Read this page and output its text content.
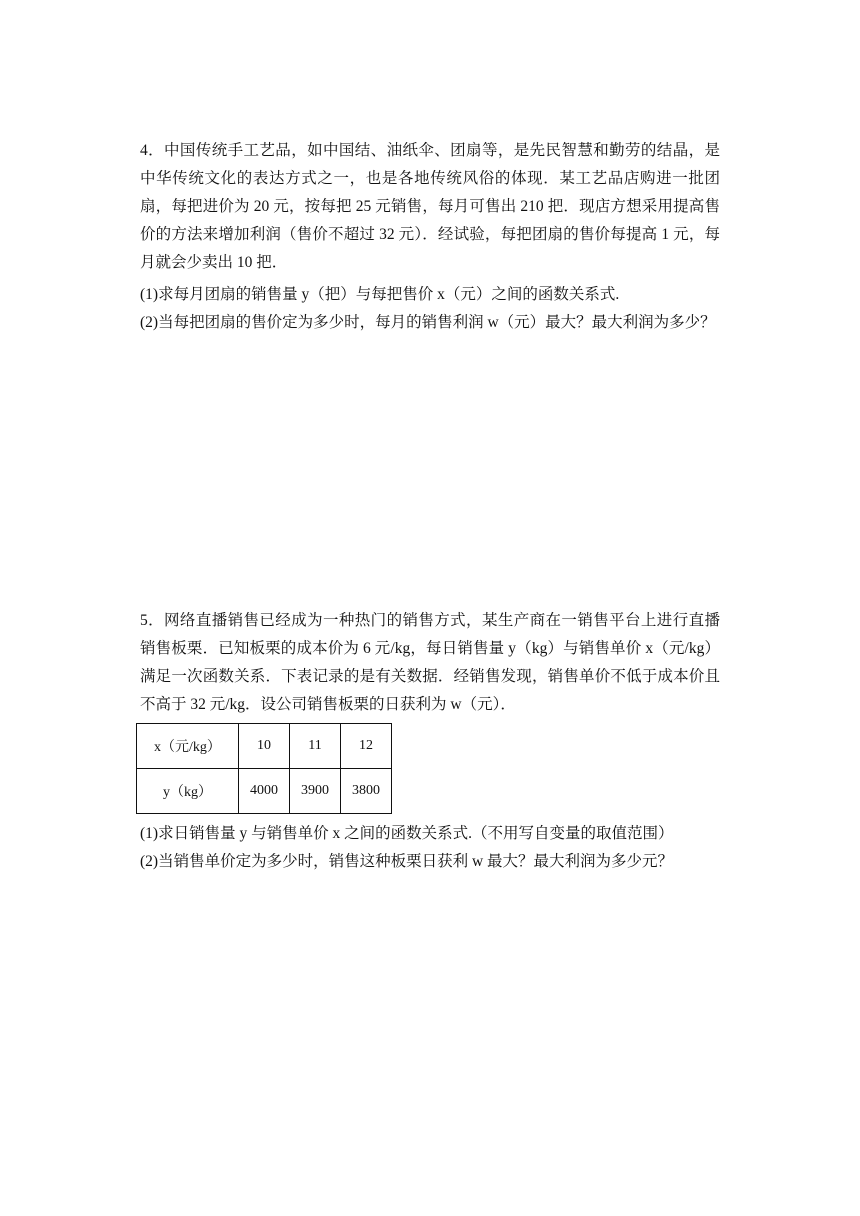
4．中国传统手工艺品，如中国结、油纸伞、团扇等，是先民智慧和勤劳的结晶，是中华传统文化的表达方式之一，也是各地传统风俗的体现．某工艺品店购进一批团扇，每把进价为 20 元，按每把 25 元销售，每月可售出 210 把．现店方想采用提高售价的方法来增加利润（售价不超过 32 元）．经试验，每把团扇的售价每提高 1 元，每月就会少卖出 10 把．

(1)求每月团扇的销售量 y（把）与每把售价 x（元）之间的函数关系式.

(2)当每把团扇的售价定为多少时，每月的销售利润 w（元）最大？最大利润为多少？

5．网络直播销售已经成为一种热门的销售方式，某生产商在一销售平台上进行直播销售板栗．已知板栗的成本价为 6 元/kg，每日销售量 y（kg）与销售单价 x（元/kg）满足一次函数关系．下表记录的是有关数据．经销售发现，销售单价不低于成本价且不高于 32 元/kg．设公司销售板栗的日获利为 w（元）．

x（元/kg）	10	11	12
y（kg）	4000	3900	3800

(1)求日销售量 y 与销售单价 x 之间的函数关系式.（不用写自变量的取值范围）

(2)当销售单价定为多少时，销售这种板栗日获利 w 最大？最大利润为多少元？
